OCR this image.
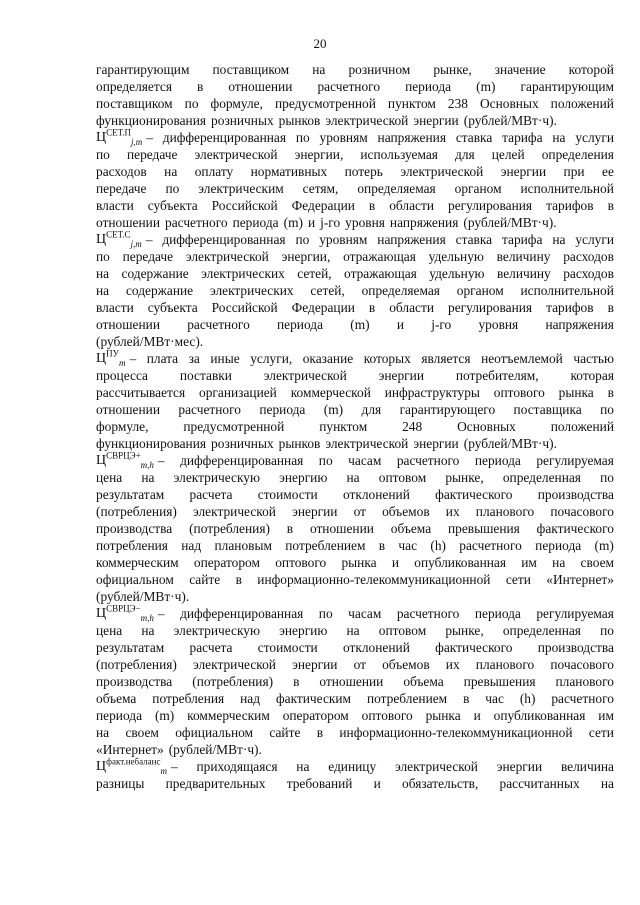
20
гарантирующим поставщиком на розничном рынке, значение которой
определяется в отношении расчетного периода (m) гарантирующим
поставщиком по формуле, предусмотренной пунктом 238 Основных положений
функционирования розничных рынков электрической энергии (рублей/МВт·ч).
$Ц^{СЕТ.П}_{j,m}$ – дифференцированная по уровням напряжения ставка тарифа на услуги
по передаче электрической энергии, используемая для целей определения
расходов на оплату нормативных потерь электрической энергии при ее
передаче по электрическим сетям, определяемая органом исполнительной
власти субъекта Российской Федерации в области регулирования тарифов в
отношении расчетного периода (m) и j-го уровня напряжения (рублей/МВт·ч).
$Ц^{СЕТ.С}_{j,m}$ – дифференцированная по уровням напряжения ставка тарифа на услуги
по передаче электрической энергии, отражающая удельную величину расходов
на содержание электрических сетей, отражающая удельную величину расходов
на содержание электрических сетей, определяемая органом исполнительной
власти субъекта Российской Федерации в области регулирования тарифов в
отношении расчетного периода (m) и j-го уровня напряжения
(рублей/МВт·мес).
$Ц^{ПУ}_m$ – плата за иные услуги, оказание которых является неотъемлемой частью
процесса поставки электрической энергии потребителям, которая
рассчитывается организацией коммерческой инфраструктуры оптового рынка в
отношении расчетного периода (m) для гарантирующего поставщика по
формуле,	предусмотренной	пунктом	248	Основных	положений
функционирования розничных рынков электрической энергии (рублей/МВт·ч).
$Ц^{СВРЦЭ+}_{m,h}$ – дифференцированная по часам расчетного периода регулируемая
цена на электрическую энергию на оптовом рынке, определенная по
результатам расчета стоимости отклонений фактического производства
(потребления) электрической энергии от объемов их планового почасового
производства (потребления) в отношении объема превышения фактического
потребления над плановым потреблением в час (h) расчетного периода (m)
коммерческим оператором оптового рынка и опубликованная им на своем
официальном сайте в информационно-телекоммуникационной сети «Интернет»
(рублей/МВт·ч).
$Ц^{СВРЦЭ-}_{m,h}$ – дифференцированная по часам расчетного периода регулируемая
цена на электрическую энергию на оптовом рынке, определенная по
результатам расчета стоимости отклонений фактического производства
(потребления) электрической энергии от объемов их планового почасового
производства (потребления) в отношении объема превышения планового
объема потребления над фактическим потреблением в час (h) расчетного
периода (m) коммерческим оператором оптового рынка и опубликованная им
на своем официальном сайте в информационно-телекоммуникационной сети
«Интернет» (рублей/МВт·ч).
$Ц^{факт.небаланс}_m$ – приходящаяся на единицу электрической энергии величина
разницы предварительных требований и обязательств, рассчитанных на
